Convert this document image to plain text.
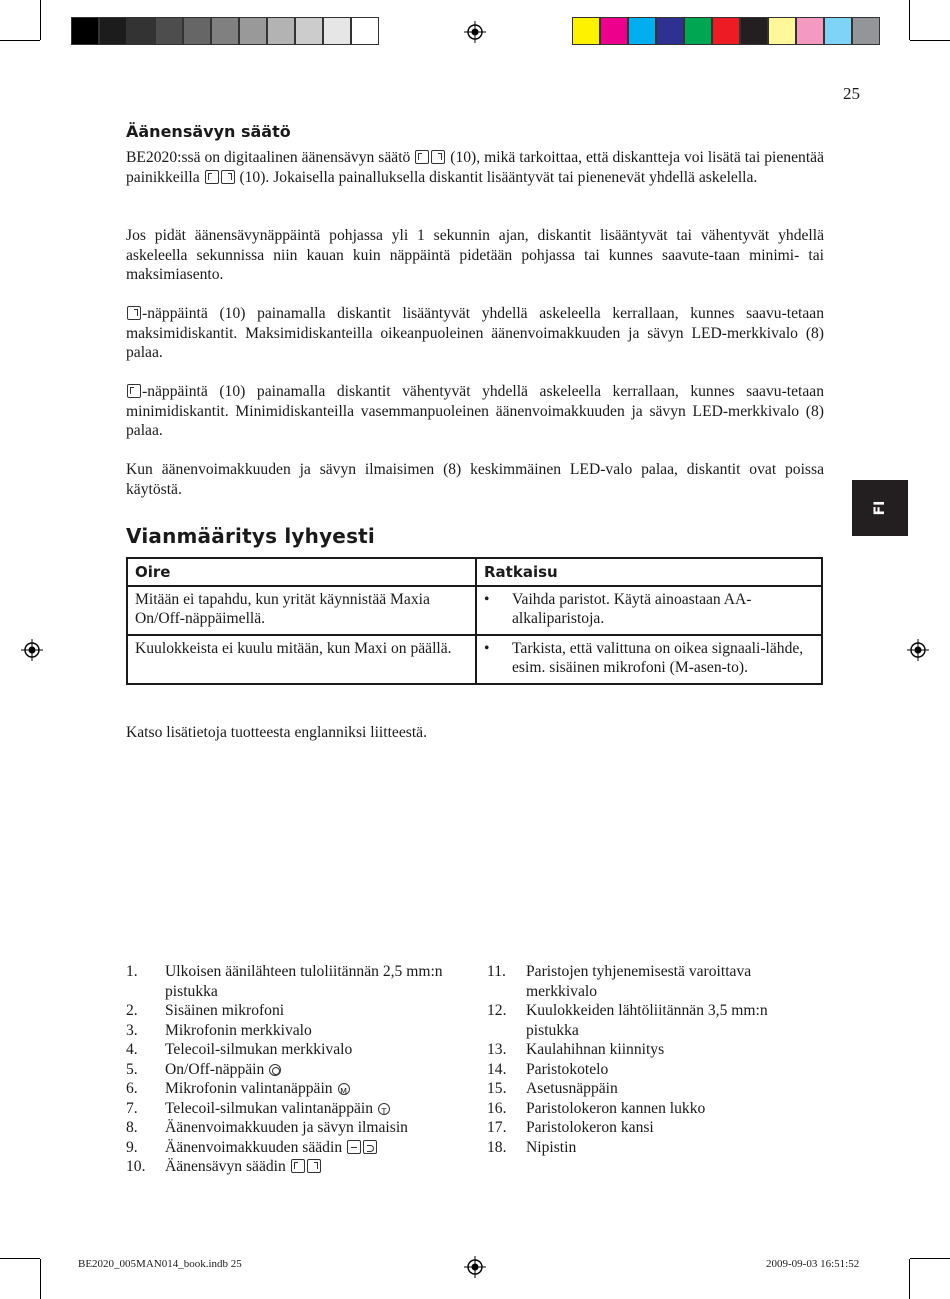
25
Äänensävyn säätö
BE2020:ssä on digitaalinen äänensävyn säätö	(10), mikä tarkoittaa, että diskantteja voi lisätä tai pienentää painikkeilla	(10). Jokaisella painalluksella diskantit lisääntyvät tai pienenevät yhdellä askelella.
Jos pidät äänensävynäppäintä pohjassa yli 1 sekunnin ajan, diskantit lisääntyvät tai vähentyvät yhdellä askeleella sekunnissa niin kauan kuin näppäintä pidetään pohjassa tai kunnes saavute-taan minimi- tai maksimiasento.
-näppäintä (10) painamalla diskantit lisääntyvät yhdellä askeleella kerrallaan, kunnes saavu-tetaan maksimidiskantit. Maksimidiskanteilla oikeanpuoleinen äänenvoimakkuuden ja sävyn LED-merkkivalo (8) palaa.
-näppäintä (10) painamalla diskantit vähentyvät yhdellä askeleella kerrallaan, kunnes saavu-tetaan minimidiskantit. Minimidiskanteilla vasemmanpuoleinen äänenvoimakkuuden ja sävyn LED-merkkivalo (8) palaa.
Kun äänenvoimakkuuden ja sävyn ilmaisimen (8) keskimmäinen LED-valo palaa, diskantit ovat poissa käytöstä.
FI
Vianmääritys lyhyesti
Oire	Ratkaisu
Mitään ei tapahdu, kun yrität käynnistää Maxia On/Off-näppäimellä.	• Vaihda paristot. Käytä ainoastaan AA-alkaliparistoja.

Kuulokkeista ei kuulu mitään, kun Maxi on päällä.	• Tarkista, että valittuna on oikea signaali-lähde, esim. sisäinen mikrofoni (M-asen-to).
Katso lisätietoja tuotteesta englanniksi liitteestä.
1.	Ulkoisen äänilähteen tuloliitännän 2,5 mm:n pistukka
2.	Sisäinen mikrofoni
3.	Mikrofonin merkkivalo
4.	Telecoil-silmukan merkkivalo
5.	On/Off-näppäin
6.	Mikrofonin valintanäppäin M
7.	Telecoil-silmukan valintanäppäin	T
8.	Äänenvoimakkuuden ja sävyn ilmaisin
9.	Äänenvoimakkuuden säädin
10.	Äänensävyn säädin
11.	Paristojen tyhjenemisestä varoittava merkkivalo
12.	Kuulokkeiden lähtöliitännän 3,5 mm:n pistukka
13.	Kaulahihnan kiinnitys
14.	Paristokotelo
15.	Asetusnäppäin
16.	Paristolokeron kannen lukko
17.	Paristolokeron kansi
18.	Nipistin
BE2020_005MAN014_book.indb 25	2009-09-03 16:51:52
